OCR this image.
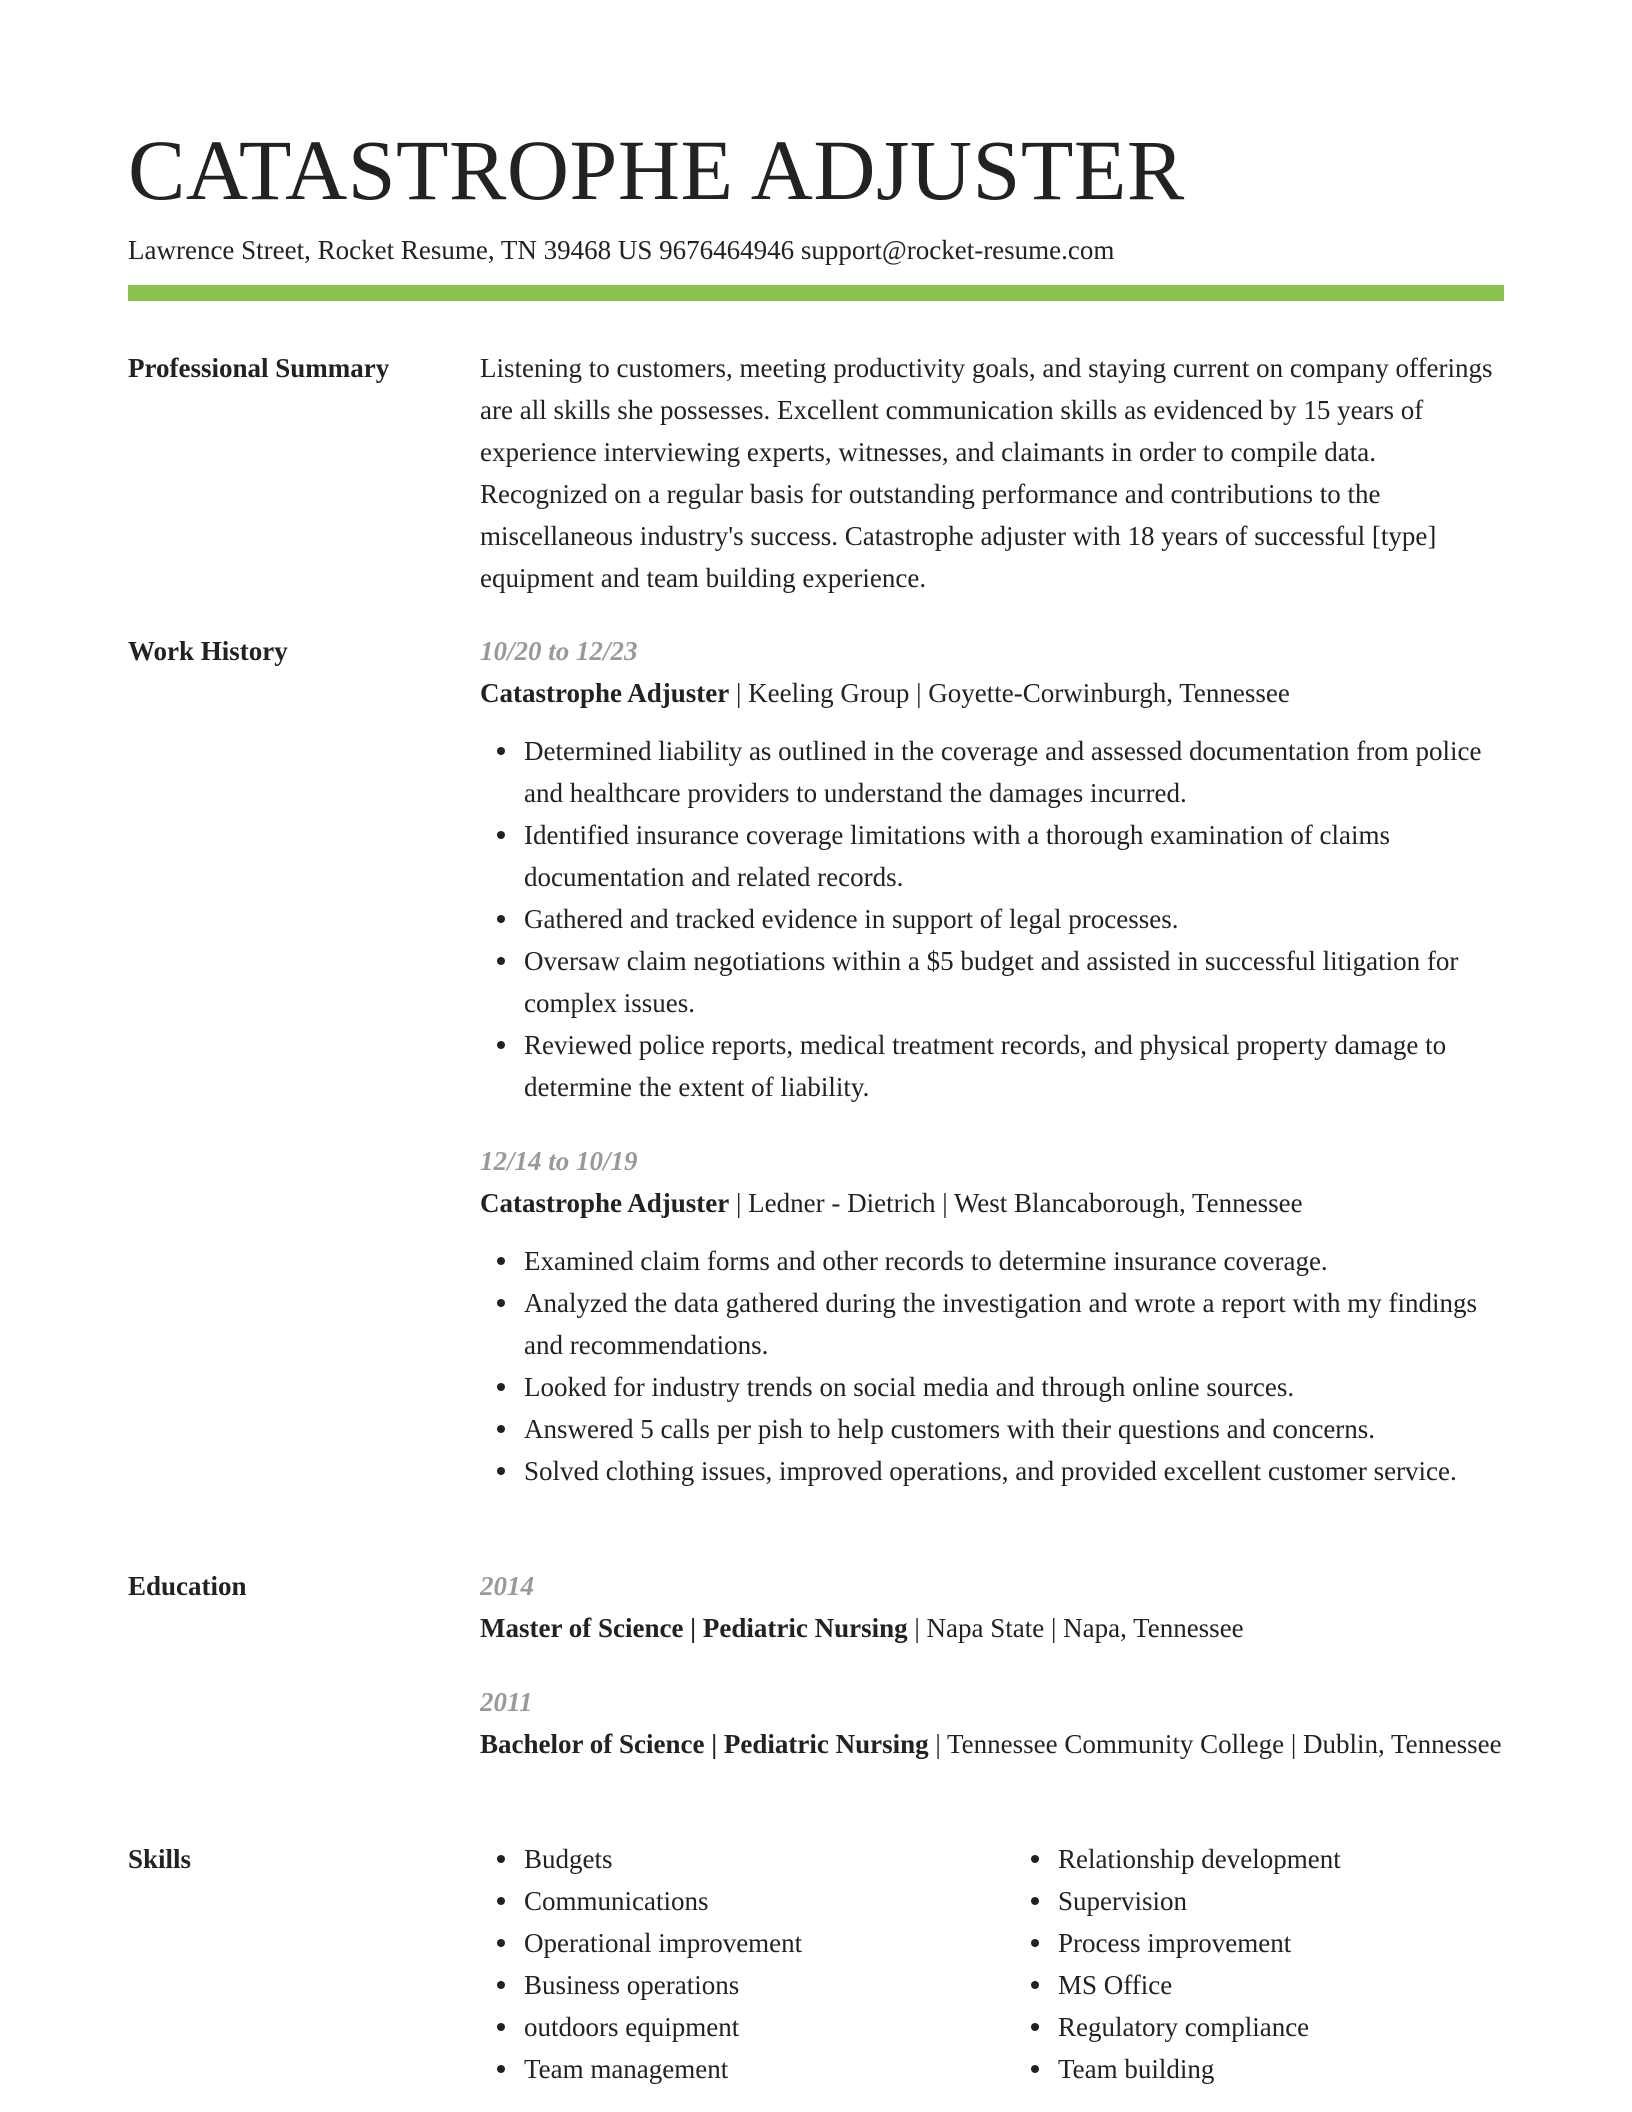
CATASTROPHE ADJUSTER
Lawrence Street, Rocket Resume, TN 39468 US 9676464946 support@rocket-resume.com
Professional Summary	Listening to customers, meeting productivity goals, and staying current on company offerings are all skills she possesses. Excellent communication skills as evidenced by 15 years of experience interviewing experts, witnesses, and claimants in order to compile data. Recognized on a regular basis for outstanding performance and contributions to the miscellaneous industry's success. Catastrophe adjuster with 18 years of successful [type] equipment and team building experience.
Work History	10/20 to 12/23
Catastrophe Adjuster | Keeling Group | Goyette-Corwinburgh, Tennessee
Determined liability as outlined in the coverage and assessed documentation from police and healthcare providers to understand the damages incurred.
Identified insurance coverage limitations with a thorough examination of claims documentation and related records.
Gathered and tracked evidence in support of legal processes.
Oversaw claim negotiations within a $5 budget and assisted in successful litigation for complex issues.
Reviewed police reports, medical treatment records, and physical property damage to determine the extent of liability.
12/14 to 10/19
Catastrophe Adjuster | Ledner - Dietrich | West Blancaborough, Tennessee
Examined claim forms and other records to determine insurance coverage.
Analyzed the data gathered during the investigation and wrote a report with my findings and recommendations.
Looked for industry trends on social media and through online sources.
Answered 5 calls per pish to help customers with their questions and concerns.
Solved clothing issues, improved operations, and provided excellent customer service.
Education	2014
Master of Science | Pediatric Nursing | Napa State | Napa, Tennessee
2011
Bachelor of Science | Pediatric Nursing | Tennessee Community College | Dublin, Tennessee
Skills	Budgets
Communications
Operational improvement
Business operations
outdoors equipment
Team management
Relationship development
Supervision
Process improvement
MS Office
Regulatory compliance
Team building
